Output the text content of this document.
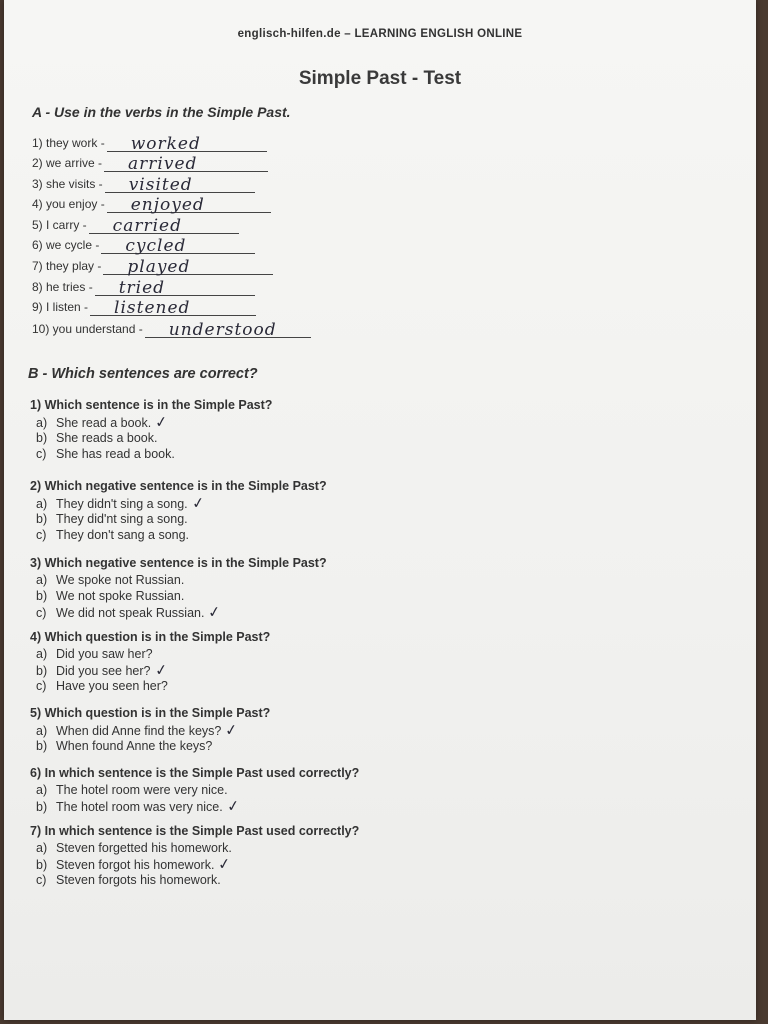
englisch-hilfen.de – LEARNING ENGLISH ONLINE
Simple Past - Test
A - Use in the verbs in the Simple Past.
1) they work - worked
2) we arrive - arrived
3) she visits - visited
4) you enjoy - enjoyed
5) I carry - carried
6) we cycle - cycled
7) they play - played
8) he tries - tried
9) I listen - listened
10) you understand - understood
B - Which sentences are correct?
1) Which sentence is in the Simple Past?
a) She read a book. ✓
b) She reads a book.
c) She has read a book.
2) Which negative sentence is in the Simple Past?
a) They didn't sing a song. ✓
b) They did'nt sing a song.
c) They don't sang a song.
3) Which negative sentence is in the Simple Past?
a) We spoke not Russian.
b) We not spoke Russian.
c) We did not speak Russian. ✓
4) Which question is in the Simple Past?
a) Did you saw her?
b) Did you see her? ✓
c) Have you seen her?
5) Which question is in the Simple Past?
a) When did Anne find the keys? ✓
b) When found Anne the keys?
6) In which sentence is the Simple Past used correctly?
a) The hotel room were very nice.
b) The hotel room was very nice. ✓
7) In which sentence is the Simple Past used correctly?
a) Steven forgetted his homework.
b) Steven forgot his homework. ✓
c) Steven forgots his homework.
